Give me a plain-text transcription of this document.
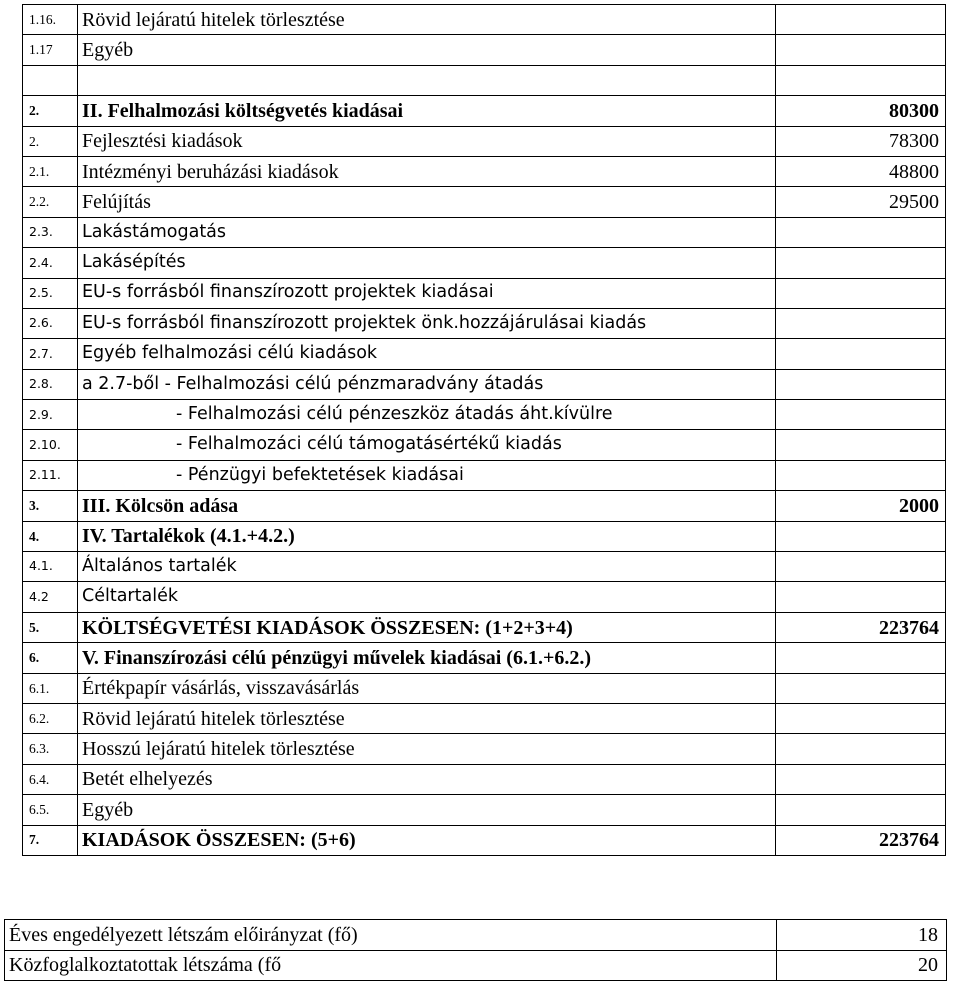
1.16.	Rövid lejáratú hitelek törlesztése	
1.17	Egyéb	

2.	II. Felhalmozási költségvetés kiadásai	80300
2.	Fejlesztési kiadások	78300
2.1.	Intézményi beruházási kiadások	48800
2.2.	Felújítás	29500
2.3.	Lakástámogatás	
2.4.	Lakásépítés	
2.5.	EU-s forrásból finanszírozott projektek kiadásai	
2.6.	EU-s forrásból finanszírozott projektek önk.hozzájárulásai kiadás	
2.7.	Egyéb felhalmozási célú kiadások	
2.8.	a 2.7-ből - Felhalmozási célú pénzmaradvány átadás	
2.9.	- Felhalmozási célú pénzeszköz átadás áht.kívülre	
2.10.	- Felhalmozáci célú támogatásértékű kiadás	
2.11.	- Pénzügyi befektetések kiadásai	
3.	III. Kölcsön adása	2000
4.	IV. Tartalékok (4.1.+4.2.)	
4.1.	Általános tartalék	
4.2	Céltartalék	
5.	KÖLTSÉGVETÉSI KIADÁSOK ÖSSZESEN: (1+2+3+4)	223764
6.	V. Finanszírozási célú pénzügyi művelek kiadásai (6.1.+6.2.)	
6.1.	Értékpapír vásárlás, visszavásárlás	
6.2.	Rövid lejáratú hitelek törlesztése	
6.3.	Hosszú lejáratú hitelek törlesztése	
6.4.	Betét elhelyezés	
6.5.	Egyéb	
7.	KIADÁSOK ÖSSZESEN: (5+6)	223764
Éves engedélyezett létszám előirányzat (fő)	18
Közfoglalkoztatottak létszáma (fő	20
